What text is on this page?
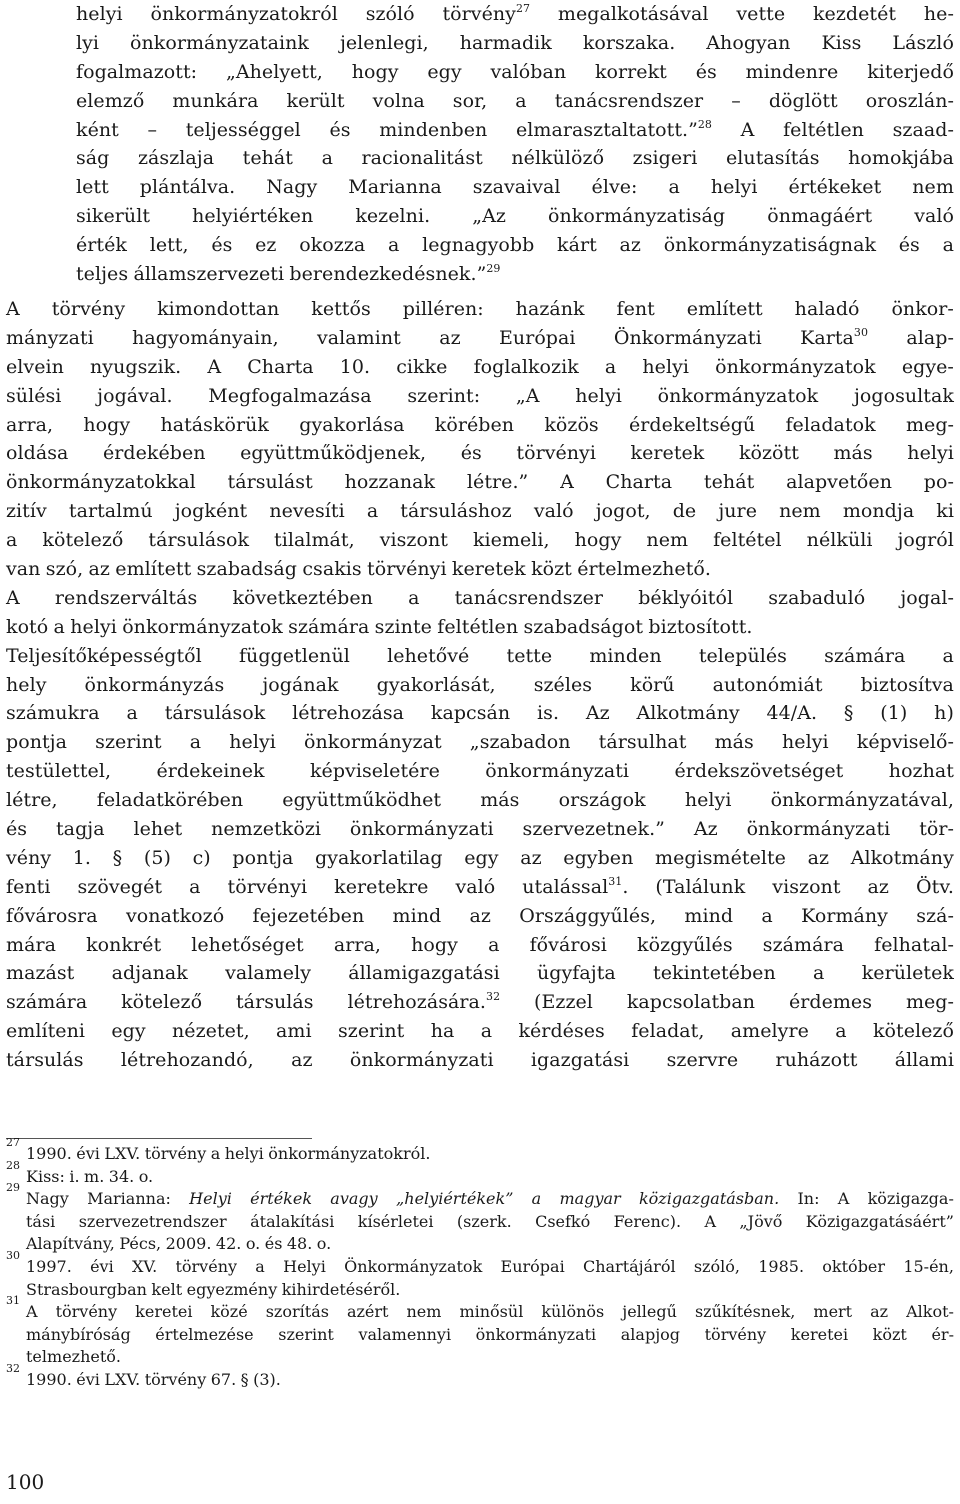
helyi önkormányzatokról szóló törvény$^{27}$ megalkotásával vette kezdetét he-
lyi önkormányzataink jelenlegi, harmadik korszaka. Ahogyan Kiss László
fogalmazott: „Ahelyett, hogy egy valóban korrekt és mindenre kiterjedő
elemző munkára került volna sor, a tanácsrendszer – döglött oroszlán-
ként – teljességgel és mindenben elmarasztaltatott.”$^{28}$ A feltétlen szaad-
ság zászlaja tehát a racionalitást nélkülöző zsigeri elutasítás homokjába
lett plántálva. Nagy Marianna szavaival élve: a helyi értékeket nem
sikerült helyiértéken kezelni. „Az önkormányzatiság önmagáért való
érték lett, és ez okozza a legnagyobb kárt az önkormányzatiságnak és a
teljes államszervezeti berendezkedésnek.”$^{29}$
A törvény kimondottan kettős pilléren: hazánk fent említett haladó önkor-
mányzati hagyományain, valamint az Európai Önkormányzati Karta$^{30}$ alap-
elvein nyugszik. A Charta 10. cikke foglalkozik a helyi önkormányzatok egye-
sülési jogával. Megfogalmazása szerint: „A helyi önkormányzatok jogosultak
arra, hogy hatáskörük gyakorlása körében közös érdekeltségű feladatok meg-
oldása érdekében együttműködjenek, és törvényi keretek között más helyi
önkormányzatokkal társulást hozzanak létre.” A Charta tehát alapvetően po-
zitív tartalmú jogként nevesíti a társuláshoz való jogot, de jure nem mondja ki
a kötelező társulások tilalmát, viszont kiemeli, hogy nem feltétel nélküli jogról
van szó, az említett szabadság csakis törvényi keretek közt értelmezhető.
A rendszerváltás következtében a tanácsrendszer béklyóitól szabaduló jogal-
kotó a helyi önkormányzatok számára szinte feltétlen szabadságot biztosított.
Teljesítőképességtől függetlenül lehetővé tette minden település számára a
hely önkormányzás jogának gyakorlását, széles körű autonómiát biztosítva
számukra a társulások létrehozása kapcsán is. Az Alkotmány 44/A. § (1) h)
pontja szerint a helyi önkormányzat „szabadon társulhat más helyi képviselő-
testülettel, érdekeinek képviseletére önkormányzati érdekszövetséget hozhat
létre, feladatkörében együttműködhet más országok helyi önkormányzatával,
és tagja lehet nemzetközi önkormányzati szervezetnek.” Az önkormányzati tör-
vény 1. § (5) c) pontja gyakorlatilag egy az egyben megismételte az Alkotmány
fenti szövegét a törvényi keretekre való utalással$^{31}$. (Találunk viszont az Ötv.
fővárosra vonatkozó fejezetében mind az Országgyűlés, mind a Kormány szá-
mára konkrét lehetőséget arra, hogy a fővárosi közgyűlés számára felhatal-
mazást adjanak valamely államigazgatási ügyfajta tekintetében a kerületek
számára kötelező társulás létrehozására.$^{32}$ (Ezzel kapcsolatban érdemes meg-
említeni egy nézetet, ami szerint ha a kérdéses feladat, amelyre a kötelező
társulás létrehozandó, az önkormányzati igazgatási szervre ruházott állami
27
1990. évi LXV. törvény a helyi önkormányzatokról.
28
Kiss: i. m. 34. o.
29
Nagy Marianna: Helyi értékek avagy „helyiértékek” a magyar közigazgatásban. In: A közigazga-
tási szervezetrendszer átalakítási kísérletei (szerk. Csefkó Ferenc). A „Jövő Közigazgatásáért”
Alapítvány, Pécs, 2009. 42. o. és 48. o.
30
1997. évi XV. törvény a Helyi Önkormányzatok Európai Chartájáról szóló, 1985. október 15-én,
Strasbourgban kelt egyezmény kihirdetéséről.
31
A törvény keretei közé szorítás azért nem minősül különös jellegű szűkítésnek, mert az Alkot-
mánybíróság értelmezése szerint valamennyi önkormányzati alapjog törvény keretei közt ér-
telmezhető.
32
1990. évi LXV. törvény 67. § (3).
100
